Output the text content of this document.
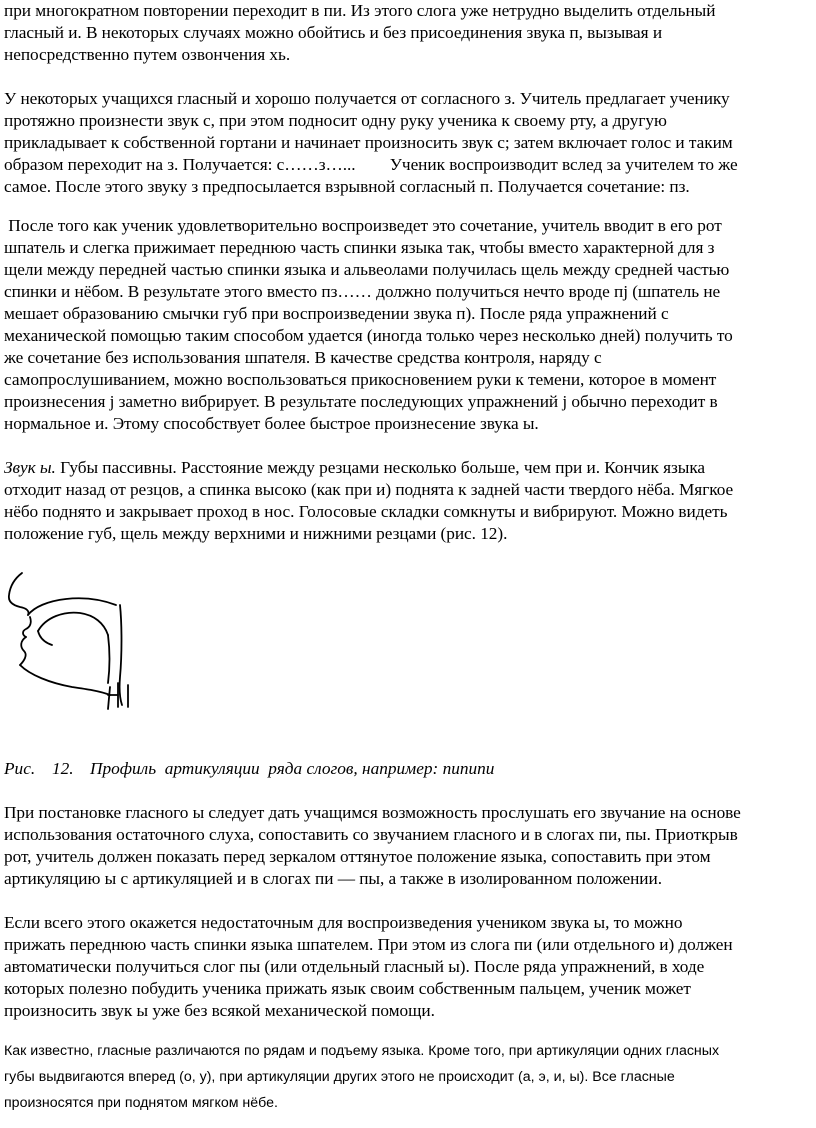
при многократном повторении переходит в пи. Из этого слога уже нетрудно выделить отдельный
гласный и. В некоторых случаях можно обойтись и без присоединения звука п, вызывая и
непосредственно путем озвончения хь.
У некоторых учащихся гласный и хорошо получается от согласного з. Учитель предлагает ученику
протяжно произнести звук с, при этом подносит одну руку ученика к своему рту, а другую
прикладывает к собственной гортани и начинает произносить звук с; затем включает голос и таким
образом переходит на з. Получается: с……з…...        Ученик воспроизводит вслед за учителем то же
самое. После этого звуку з предпосылается взрывной согласный п. Получается сочетание: пз.
После того как ученик удовлетворительно воспроизведет это сочетание, учитель вводит в его рот
шпатель и слегка прижимает переднюю часть спинки языка так, чтобы вместо характерной для з
щели между передней частью спинки языка и альвеолами получилась щель между средней частью
спинки и нёбом. В результате этого вместо пз…… должно получиться нечто вроде пj (шпатель не
мешает образованию смычки губ при воспроизведении звука п). После ряда упражнений с
механической помощью таким способом удается (иногда только через несколько дней) получить то
же сочетание без использования шпателя. В качестве средства контроля, наряду с
самопрослушиванием, можно воспользоваться прикосновением руки к темени, которое в момент
произнесения j заметно вибрирует. В результате последующих упражнений j обычно переходит в
нормальное и. Этому способствует более быстрое произнесение звука ы.
Звук ы. Губы пассивны. Расстояние между резцами несколько больше, чем при и. Кончик языка
отходит назад от резцов, а спинка высоко (как при и) поднята к задней части твердого нёба. Мягкое
нёбо поднято и закрывает проход в нос. Голосовые складки сомкнуты и вибрируют. Можно видеть
положение губ, щель между верхними и нижними резцами (рис. 12).
Рис. 12. Профиль  артикуляции  ряда слогов, например: пипипи
При постановке гласного ы следует дать учащимся возможность прослушать его звучание на основе
использования остаточного слуха, сопоставить со звучанием гласного и в слогах пи, пы. Приоткрыв
рот, учитель должен показать перед зеркалом оттянутое положение языка, сопоставить при этом
артикуляцию ы с артикуляцией и в слогах пи — пы, а также в изолированном положении.
Если всего этого окажется недостаточным для воспроизведения учеником звука ы, то можно
прижать переднюю часть спинки языка шпателем. При этом из слога пи (или отдельного и) должен
автоматически получиться слог пы (или отдельный гласный ы). После ряда упражнений, в ходе
которых полезно побудить ученика прижать язык своим собственным пальцем, ученик может
произносить звук ы уже без всякой механической помощи.
Как известно, гласные различаются по рядам и подъему языка. Кроме того, при артикуляции одних гласных
губы выдвигаются вперед (о, у), при артикуляции других этого не происходит (а, э, и, ы). Все гласные
произносятся при поднятом мягком нёбе.
